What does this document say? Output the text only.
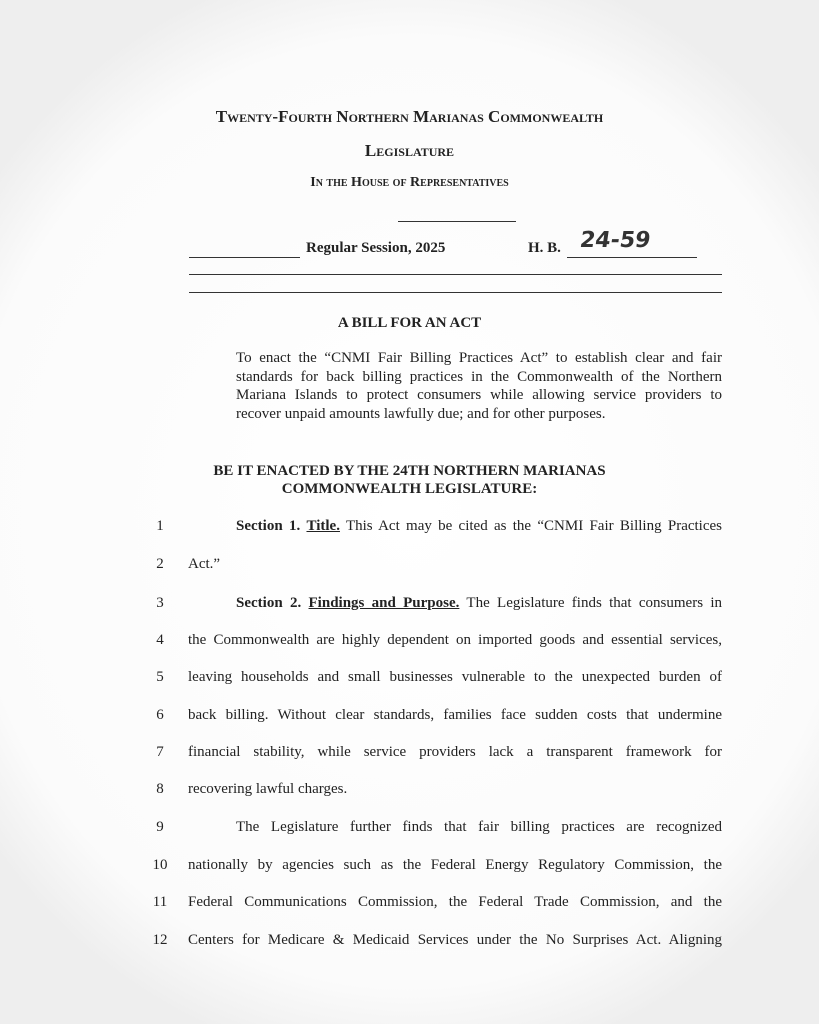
Twenty-Fourth Northern Marianas Commonwealth
Legislature
In the House of Representatives
Regular Session, 2025	H. B. 24-59
A BILL FOR AN ACT
To enact the “CNMI Fair Billing Practices Act” to establish clear and fair standards for back billing practices in the Commonwealth of the Northern Mariana Islands to protect consumers while allowing service providers to recover unpaid amounts lawfully due; and for other purposes.
BE IT ENACTED BY THE 24TH NORTHERN MARIANAS
COMMONWEALTH LEGISLATURE:
1	Section 1. Title. This Act may be cited as the “CNMI Fair Billing Practices
2	Act.”
3	Section 2. Findings and Purpose. The Legislature finds that consumers in
4	the Commonwealth are highly dependent on imported goods and essential services,
5	leaving households and small businesses vulnerable to the unexpected burden of
6	back billing. Without clear standards, families face sudden costs that undermine
7	financial stability, while service providers lack a transparent framework for
8	recovering lawful charges.
9	The Legislature further finds that fair billing practices are recognized
10	nationally by agencies such as the Federal Energy Regulatory Commission, the
11	Federal Communications Commission, the Federal Trade Commission, and the
12	Centers for Medicare & Medicaid Services under the No Surprises Act. Aligning
